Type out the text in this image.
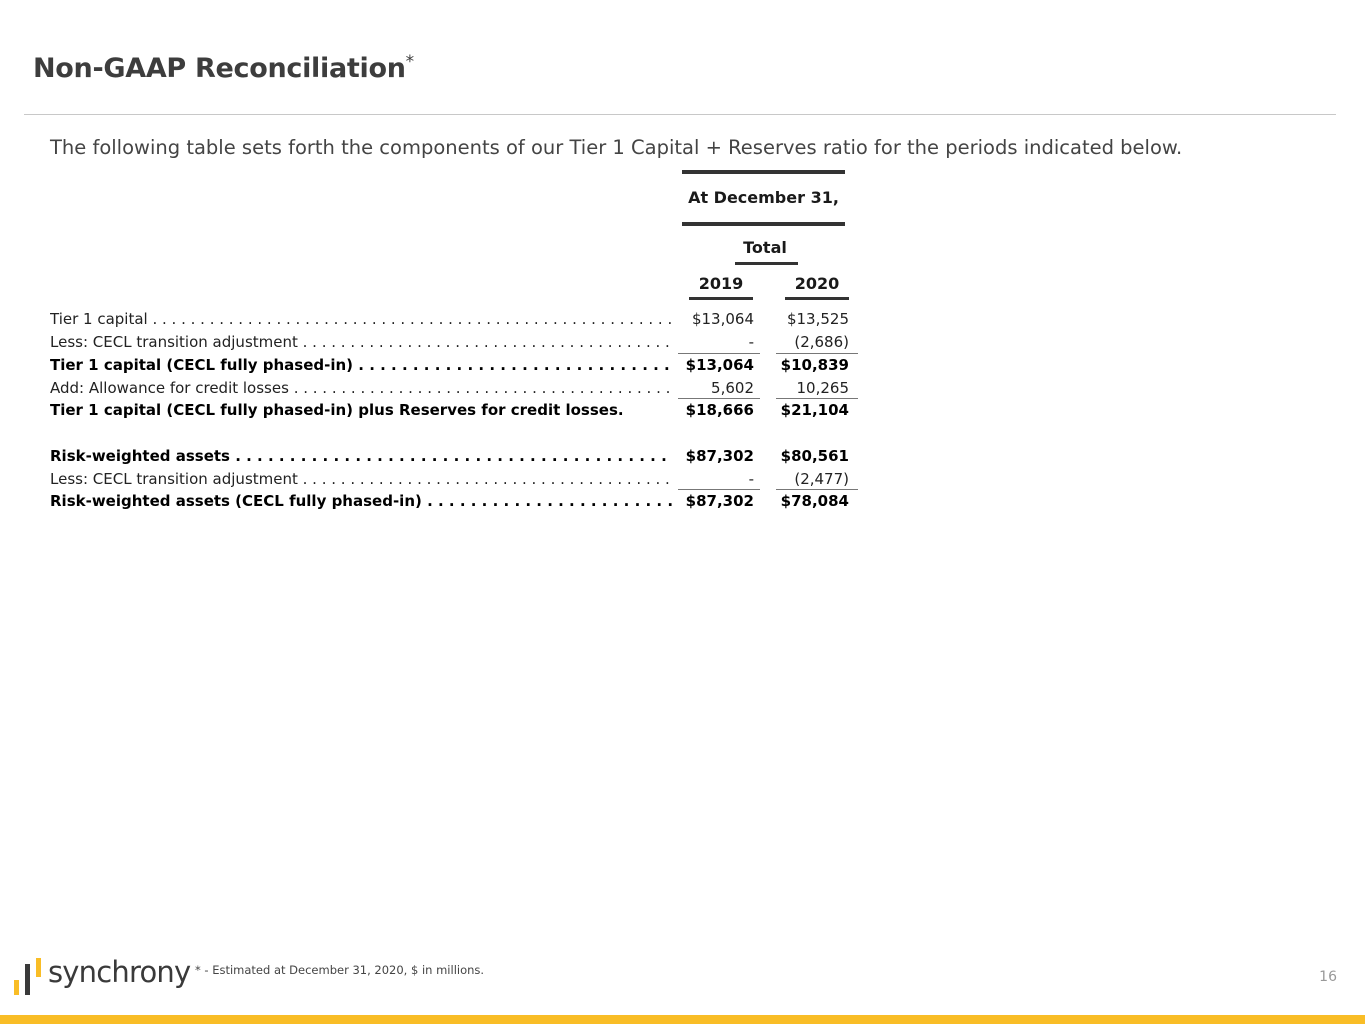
Non-GAAP Reconciliation*
The following table sets forth the components of our Tier 1 Capital + Reserves ratio for the periods indicated below.
At December 31,
Total
2019	2020
Tier 1 capital . . .	$13,064	$13,525
Less: CECL transition adjustment . . .	-	(2,686)
Tier 1 capital (CECL fully phased-in) . . .	$13,064	$10,839
Add: Allowance for credit losses . . .	5,602	10,265
Tier 1 capital (CECL fully phased-in) plus Reserves for credit losses.	$18,666	$21,104
Risk-weighted assets . . .	$87,302	$80,561
Less: CECL transition adjustment . . .	-	(2,477)
Risk-weighted assets (CECL fully phased-in) . . .	$87,302	$78,084
synchrony * - Estimated at December 31, 2020, $ in millions.	16
